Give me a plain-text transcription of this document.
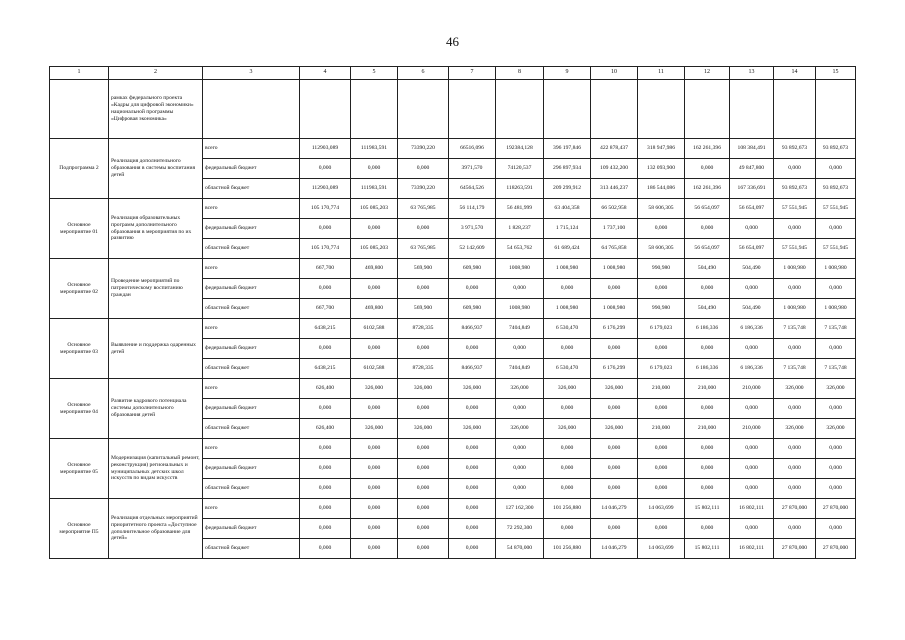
46
1	2	3	4	5	6	7	8	9	10	11	12	13	14	15
	рамках федерального проекта «Кадры для цифровой экономики» национальной программы «Цифровая экономика»													
Подпрограмма 2	Реализация дополнительного образования в системы воспитания детей	всего	112903,089	111983,591	73390,220	66516,096	192384,128	396 197,846	422 878,437	318 947,986	162 261,396	108 384,491	93 892,673	93 892,673
		федеральный бюджет	0,000	0,000	0,000	3971,570	74120,537	296 897,934	109 432,200	132 093,900	0,000	49 847,800	0,000	0,000
		областной бюджет	112903,089	111983,591	73390,220	64564,526	118263,591	209 299,912	313 446,237	186 544,086	162 261,396	167 336,691	93 892,673	93 892,673
Основное мероприятие 01	Реализация образовательных программ дополнительного образования в мероприятия по их развитию	всего	105 170,774	105 085,203	63 765,985	56 114,179	56 481,999	63 404,358	66 502,958	58 606,305	56 654,097	56 654,097	57 551,945	57 551,945
		федеральный бюджет	0,000	0,000	0,000	3 971,570	1 828,237	1 715,124	1 737,100	0,000	0,000	0,000	0,000	0,000
		областной бюджет	105 170,774	105 085,203	63 765,985	52 142,609	54 653,762	61 689,424	64 765,858	58 606,305	56 654,097	56 654,097	57 551,945	57 551,945
Основное мероприятие 02	Проведение мероприятий по патриотическому воспитанию граждан	всего	667,700	469,800	569,900	609,980	1008,980	1 008,980	1 008,980	990,980	504,490	504,490	1 008,980	1 008,980
		федеральный бюджет	0,000	0,000	0,000	0,000	0,000	0,000	0,000	0,000	0,000	0,000	0,000	0,000
		областной бюджет	667,700	469,800	569,900	609,980	1008,980	1 008,980	1 008,980	990,980	504,490	504,490	1 008,980	1 008,980
Основное мероприятие 03	Выявление и поддержка одаренных детей	всего	6438,215	6102,588	8728,335	8466,937	7404,849	6 530,470	6 176,299	6 179,023	6 186,336	6 186,336	7 135,748	7 135,748
		федеральный бюджет	0,000	0,000	0,000	0,000	0,000	0,000	0,000	0,000	0,000	0,000	0,000	0,000
		областной бюджет	6438,215	6102,588	8728,335	8466,937	7404,849	6 530,470	6 176,299	6 179,023	6 186,336	6 186,336	7 135,748	7 135,748
Основное мероприятие 04	Развитие кадрового потенциала системы дополнительного образования детей	всего	626,400	326,000	326,000	326,000	326,000	326,000	326,000	210,000	210,000	210,000	326,000	326,000
		федеральный бюджет	0,000	0,000	0,000	0,000	0,000	0,000	0,000	0,000	0,000	0,000	0,000	0,000
		областной бюджет	626,400	326,000	326,000	326,000	326,000	326,000	326,000	210,000	210,000	210,000	326,000	326,000
Основное мероприятие 05	Модернизация (капитальный ремонт, реконструкция) региональных и муниципальных детских школ искусств по видам искусств	всего	0,000	0,000	0,000	0,000	0,000	0,000	0,000	0,000	0,000	0,000	0,000	0,000
		федеральный бюджет	0,000	0,000	0,000	0,000	0,000	0,000	0,000	0,000	0,000	0,000	0,000	0,000
		областной бюджет	0,000	0,000	0,000	0,000	0,000	0,000	0,000	0,000	0,000	0,000	0,000	0,000
Основное мероприятие П5	Реализация отдельных мероприятий приоритетного проекта «Доступное дополнительное образование для детей»	всего	0,000	0,000	0,000	0,000	127 162,300	101 256,880	14 046,279	14 063,699	15 802,111	16 802,111	27 870,000	27 870,000
		федеральный бюджет	0,000	0,000	0,000	0,000	72 292,300	0,000	0,000	0,000	0,000	0,000	0,000	0,000
		областной бюджет	0,000	0,000	0,000	0,000	54 870,000	101 256,880	14 046,279	14 063,699	15 802,111	16 802,111	27 870,000	27 870,000
